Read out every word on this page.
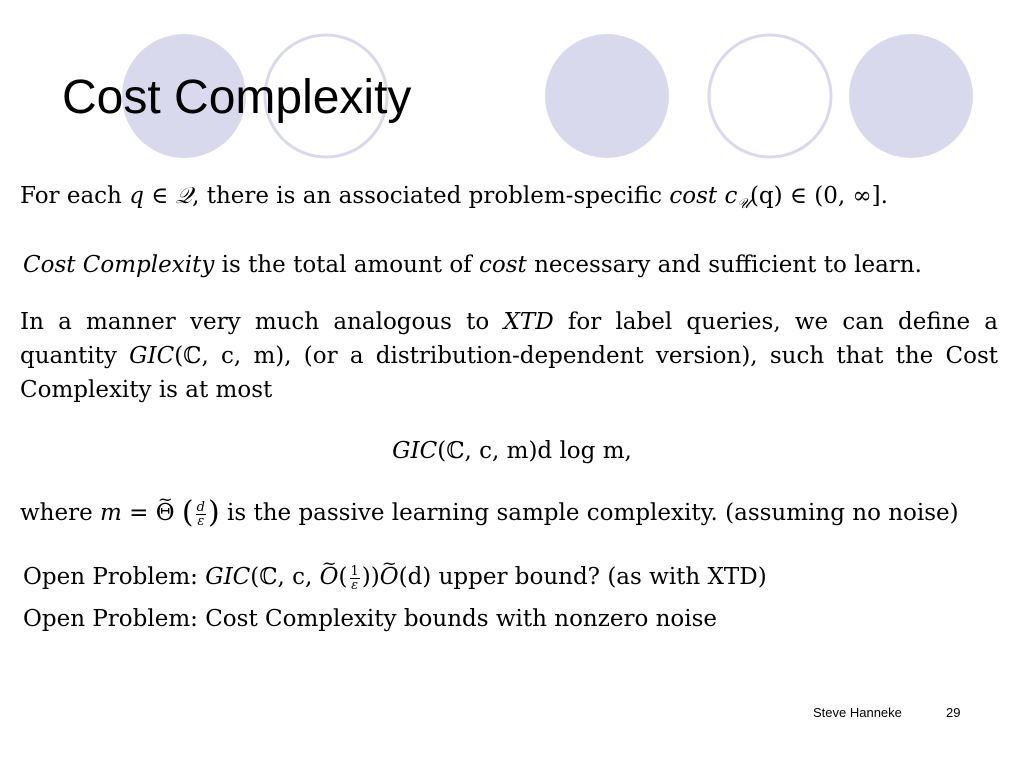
Cost Complexity
For each q ∈ 𝒬, there is an associated problem-specific cost $c_𝒰(q)$ ∈ (0, ∞].
Cost Complexity is the total amount of cost necessary and sufficient to learn.
In a manner very much analogous to XTD for label queries, we can define a quantity GIC(ℂ, c, m), (or a distribution-dependent version), such that the Cost Complexity is at most
GIC(ℂ, c, m)d log m,
where m = ~ Θ ( $\frac{d}{\varepsilon}$ ) is the passive learning sample complexity. (assuming no noise)
Open Problem: GIC(ℂ, c, ~ $O( \frac{1}{\varepsilon}$ ))~ O(d) upper bound? (as with XTD)
Open Problem: Cost Complexity bounds with nonzero noise
Steve Hanneke	29
